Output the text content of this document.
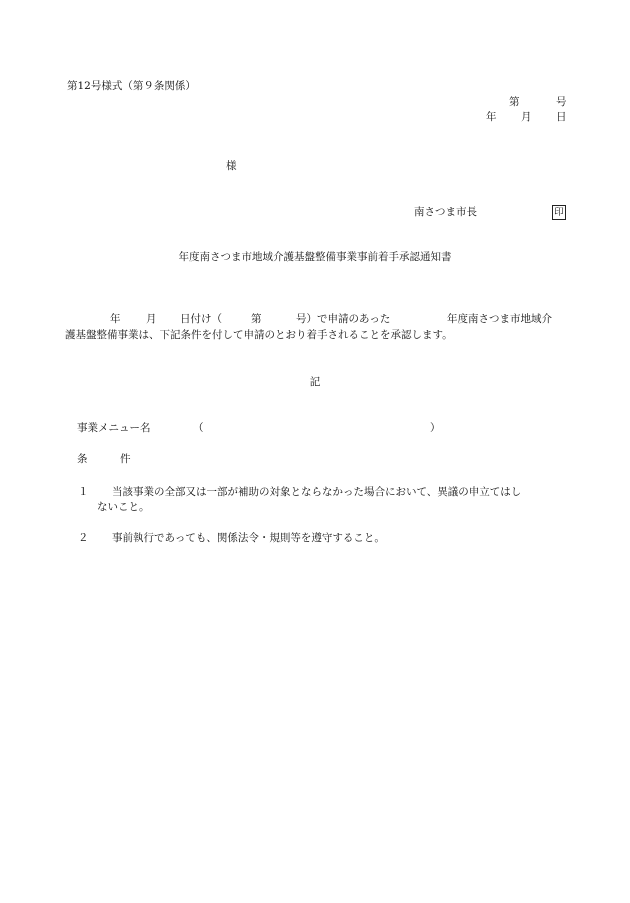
第12号様式（第９条関係）
第	号
年 月 日
様
南さつま市長	印
年度南さつま市地域介護基盤整備事業事前着手承認通知書
年 月 日付け（	第	号）で申請のあった	年度南さつま市地域介
護基盤整備事業は、下記条件を付して申請のとおり着手されることを承認します。
記
事業メニュー名	（	）
条	件
１ 当該事業の全部又は一部が補助の対象とならなかった場合において、異議の申立てはし
ないこと。
２ 事前執行であっても、関係法令・規則等を遵守すること。
